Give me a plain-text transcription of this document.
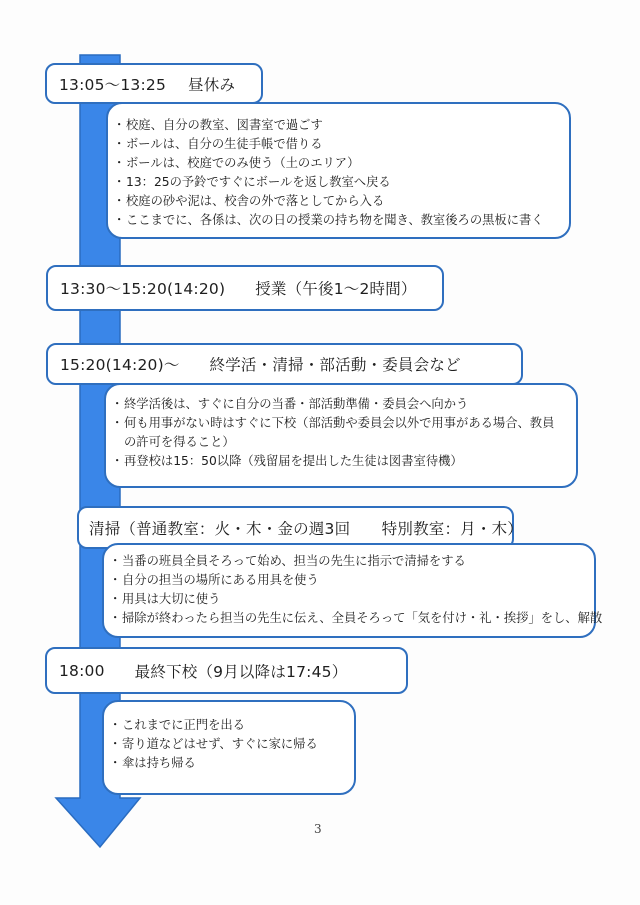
13:05～13:25 昼休み
・ 校庭、自分の教室、図書室で過ごす
・ ボールは、自分の生徒手帳で借りる
・ ボールは、校庭でのみ使う（土のエリア）
・ 13：25の予鈴ですぐにボールを返し教室へ戻る
・ 校庭の砂や泥は、校舎の外で落としてから入る
・ ここまでに、各係は、次の日の授業の持ち物を聞き、教室後ろの黒板に書く
13:30～15:20(14:20) 授業（午後1～2時間）
15:20(14:20)～ 終学活・清掃・部活動・委員会など
・ 終学活後は、すぐに自分の当番・部活動準備・委員会へ向かう
・ 何も用事がない時はすぐに下校（部活動や委員会以外で用事がある場合、教員の許可を得ること）
・ 再登校は15：50以降（残留届を提出した生徒は図書室待機）
清掃（普通教室：火・木・金の週3回　　特別教室：月・木）
・ 当番の班員全員そろって始め、担当の先生に指示で清掃をする
・ 自分の担当の場所にある用具を使う
・ 用具は大切に使う
・ 掃除が終わったら担当の先生に伝え、全員そろって「気を付け・礼・挨拶」をし、解散
18:00 最終下校（9月以降は17:45）
・ これまでに正門を出る
・ 寄り道などはせず、すぐに家に帰る
・ 傘は持ち帰る
3
